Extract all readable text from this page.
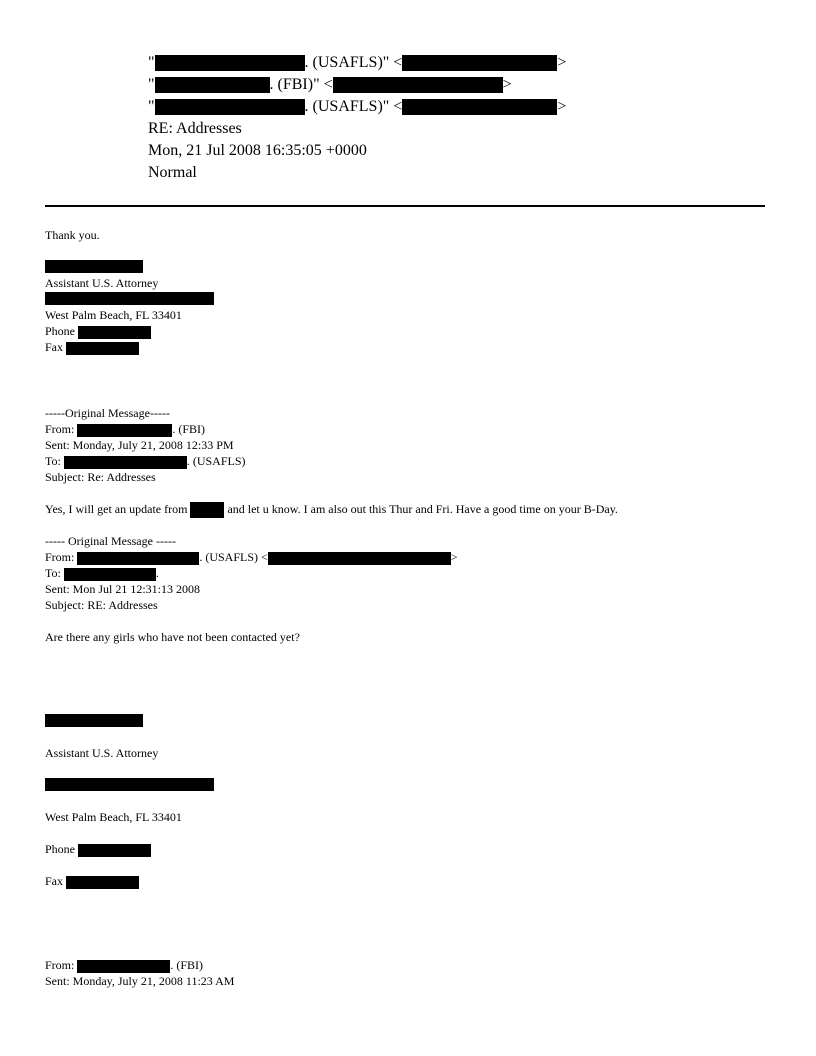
"	. (USAFLS)" <	>
"	. (FBI)" <	>
"	. (USAFLS)" <	>
RE: Addresses
Mon, 21 Jul 2008 16:35:05 +0000
Normal
Thank you.
Assistant U.S. Attorney
West Palm Beach, FL 33401
Phone
Fax
-----Original Message-----
From:	. (FBI)
Sent: Monday, July 21, 2008 12:33 PM
To:	. (USAFLS)
Subject: Re: Addresses
Yes, I will get an update from	and let u know. I am also out this Thur and Fri. Have a good time on your B-Day.
----- Original Message -----
From:	. (USAFLS) <	>
To:	.
Sent: Mon Jul 21 12:31:13 2008
Subject: RE: Addresses
Are there any girls who have not been contacted yet?
Assistant U.S. Attorney
West Palm Beach, FL 33401
Phone
Fax
From:	. (FBI)
Sent: Monday, July 21, 2008 11:23 AM
